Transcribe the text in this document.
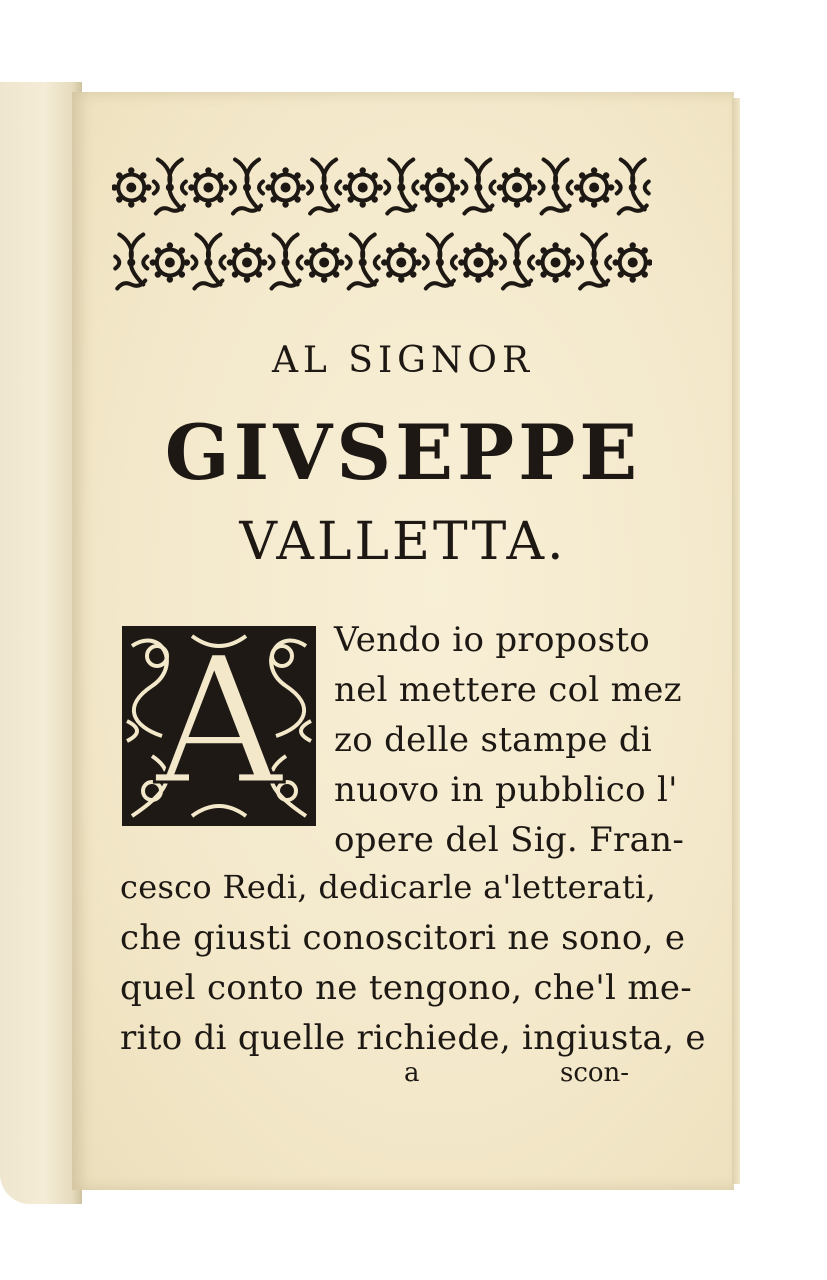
AL SIGNOR
GIVSEPPE
VALLETTA.
A	Vendo io proposto
nel mettere col mez
zo delle stampe di
nuovo in pubblico l'
opere del Sig. Fran-
cesco Redi, dedicarle a'letterati,
che giusti conoscitori ne sono, e
quel conto ne tengono, che'l me-
rito di quelle richiede, ingiusta, e
a	scon-
